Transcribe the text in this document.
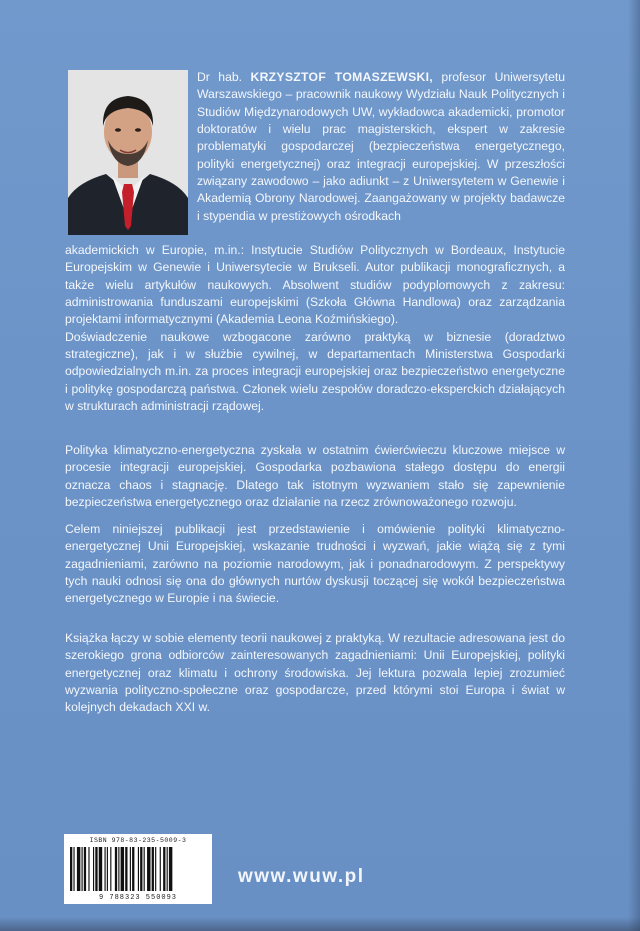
Dr hab. KRZYSZTOF TOMASZEWSKI, profesor Uniwersytetu Warszawskiego – pracownik naukowy Wydziału Nauk Politycznych i Studiów Międzynarodowych UW, wykładowca akademicki, promotor doktoratów i wielu prac magisterskich, ekspert w zakresie problematyki gospodarczej (bezpieczeństwa energetycznego, polityki energetycznej) oraz integracji europejskiej. W przeszłości związany zawodowo – jako adiunkt – z Uniwersytetem w Genewie i Akademią Obrony Narodowej. Zaangażowany w projekty badawcze i stypendia w prestiżowych ośrodkach

akademickich w Europie, m.in.: Instytucie Studiów Politycznych w Bordeaux, Instytucie Europejskim w Genewie i Uniwersytecie w Brukseli. Autor publikacji monograficznych, a także wielu artykułów naukowych. Absolwent studiów podyplomowych z zakresu: administrowania funduszami europejskimi (Szkoła Główna Handlowa) oraz zarządzania projektami informatycznymi (Akademia Leona Koźmińskiego).
Doświadczenie naukowe wzbogacone zarówno praktyką w biznesie (doradztwo strategiczne), jak i w służbie cywilnej, w departamentach Ministerstwa Gospodarki odpowiedzialnych m.in. za proces integracji europejskiej oraz bezpieczeństwo energetyczne i politykę gospodarczą państwa. Członek wielu zespołów doradczo-eksperckich działających w strukturach administracji rządowej.

Polityka klimatyczno-energetyczna zyskała w ostatnim ćwierćwieczu kluczowe miejsce w procesie integracji europejskiej. Gospodarka pozbawiona stałego dostępu do energii oznacza chaos i stagnację. Dlatego tak istotnym wyzwaniem stało się zapewnienie bezpieczeństwa energetycznego oraz działanie na rzecz zrównoważonego rozwoju.

Celem niniejszej publikacji jest przedstawienie i omówienie polityki klimatyczno-energetycznej Unii Europejskiej, wskazanie trudności i wyzwań, jakie wiążą się z tymi zagadnieniami, zarówno na poziomie narodowym, jak i ponadnarodowym. Z perspektywy tych nauki odnosi się ona do głównych nurtów dyskusji toczącej się wokół bezpieczeństwa energetycznego w Europie i na świecie.

Książka łączy w sobie elementy teorii naukowej z praktyką. W rezultacie adresowana jest do szerokiego grona odbiorców zainteresowanych zagadnieniami: Unii Europejskiej, polityki energetycznej oraz klimatu i ochrony środowiska. Jej lektura pozwala lepiej zrozumieć wyzwania polityczno-społeczne oraz gospodarcze, przed którymi stoi Europa i świat w kolejnych dekadach XXI w.

ISBN 978-83-235-5009-3
9 788323 550093
www.wuw.pl
